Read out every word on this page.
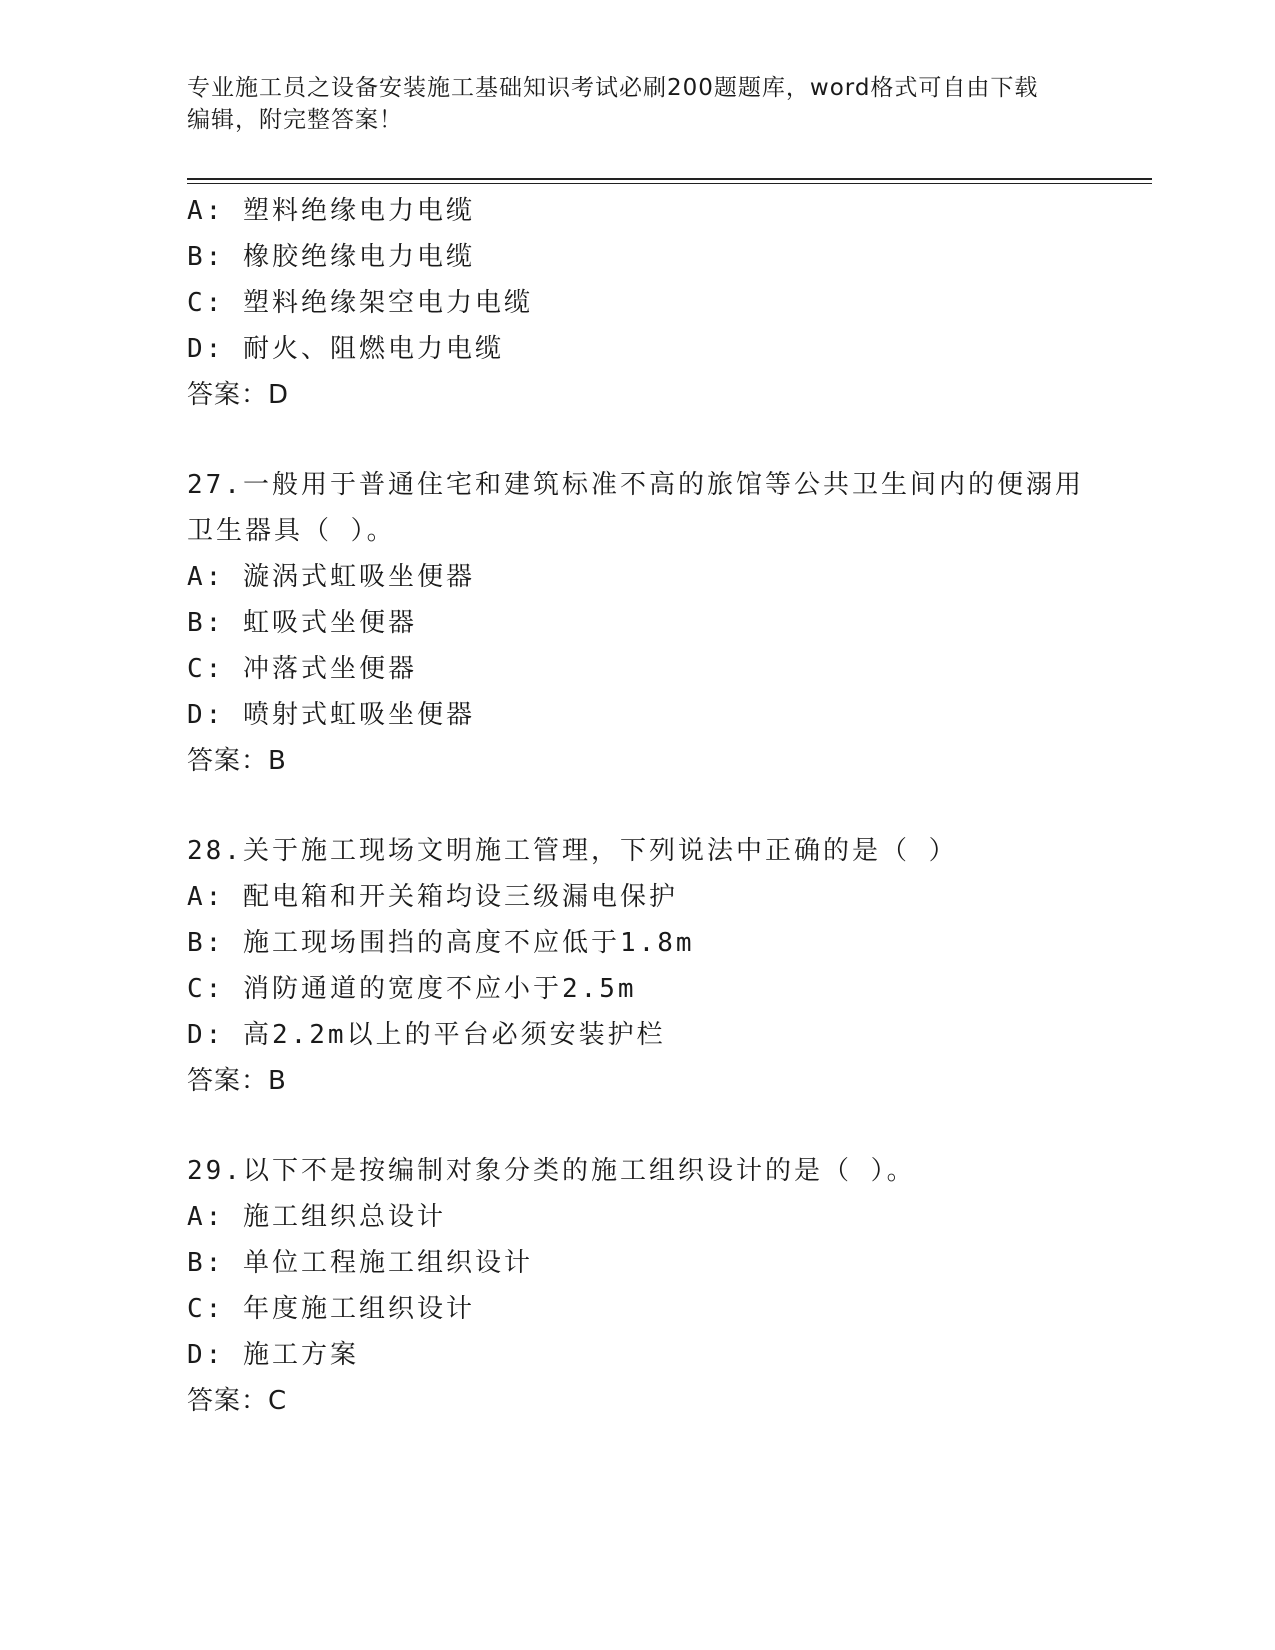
专业施工员之设备安装施工基础知识考试必刷200题题库，word格式可自由下载
编辑，附完整答案！
A: 塑料绝缘电力电缆
B: 橡胶绝缘电力电缆
C: 塑料绝缘架空电力电缆
D: 耐火、阻燃电力电缆
答案：D
27.一般用于普通住宅和建筑标准不高的旅馆等公共卫生间内的便溺用
卫生器具（ ）。
A: 漩涡式虹吸坐便器
B: 虹吸式坐便器
C: 冲落式坐便器
D: 喷射式虹吸坐便器
答案：B
28.关于施工现场文明施工管理，下列说法中正确的是（ ）
A: 配电箱和开关箱均设三级漏电保护
B: 施工现场围挡的高度不应低于1.8m
C: 消防通道的宽度不应小于2.5m
D: 高2.2m以上的平台必须安装护栏
答案：B
29.以下不是按编制对象分类的施工组织设计的是（ ）。
A: 施工组织总设计
B: 单位工程施工组织设计
C: 年度施工组织设计
D: 施工方案
答案：C
